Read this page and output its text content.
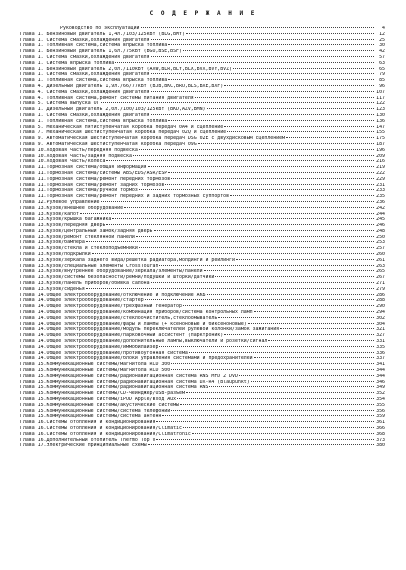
С О Д Е Р Ж А Н И Е
Руководство по эксплуатации	4
Глава 1. Бензиновый двигатель 1,4л./103/125кВт (BLG,BMY)	12
Глава 1. Система смазки,охлаждения двигателя	25
Глава 1. Топливная система,система впрыска топлива	30
Глава 1. Бензиновый двигатель 1,6л./75кВт (BGU,BSE,BSF)	42
Глава 1. Система смазки,охлаждения двигателя	57
Глава 1. Система впрыска топлива	63
Глава 1. Бензиновый двигатель 2,0л./110кВт (AXW,BLR,BLY,BLX,BVX,BVY,BVZ)	65
Глава 1. Система смазки,охлаждения двигателя	79
Глава 1. Топливная система,система впрыска топлива	85
Глава 4. Дизельный двигатель 1,9л./66/77кВт (BJB,BKC,BRU,BLS,BXE,BXF)	96
Глава 4. Система смазки,охлаждения двигателя	107
Глава 4. Топливная система,ремонт системы питания двигателя	117
Глава 5. Система выпуска ОГ	122
Глава 1. Дизельный двигатель 2,0л./100/103/125кВт (BKD,AZV,BMN)	123
Глава 1. Система смазки,охлаждения двигателя	130
Глава 1. Топливная система,система впрыска топлива	136
Глава 5. Механическая пятиступенчатая коробка передач 0А4 и сцепление	147
Глава 7. Механическая шестиступенчатая коробка передач 02Q и сцепление	155
Глава 9. Автоматическая шестиступенчатая коробка передач DSG 02E с двухдисковым сцеплением	175
Глава 9. Автоматическая шестиступенчатая коробка передач 09G	187
Глава 10.Ходовая часть/передняя подвеска	196
Глава 10.Ходовая часть/задняя подвеска	209
Глава 10.Ходовая часть/колеса	216
Глава 11.Тормозная система/общая информация	219
Глава 11.Тормозная система/системы ABS/EDS/ASR/ESP	222
Глава 11.Тормозная система/ремонт передних тормозов	229
Глава 11.Тормозная система/ремонт задних тормозов	231
Глава 11.Тормозная система/ручной тормоз	233
Глава 11.Тормозная система/ремонт передних и задних тормозных суппортов	235
Глава 12.Рулевое управление	236
Глава 13.Кузов/внешнее оборудование	242
Глава 13.Кузов/капот	244
Глава 13.Кузов/крышка багажника	245
Глава 13.Кузов/передняя дверь	246
Глава 13.Кузов/центральный замок/задняя дверь	248
Глава 13.Кузов/ремонт стеклянной панели	250
Глава 13.Кузов/бампера	253
Глава 13.Кузов/стекла и стеклоподъемники	257
Глава 13.Кузов/подкрылки	260
Глава 13.Кузов/зеркала заднего вида/решетка радиатора,молдинги и рейлинги	261
Глава 13.Кузов/специальные элементы CrossTouran	263
Глава 13.Кузов/внутреннее оборудование/зеркала/элементы/панели	265
Глава 13.Кузов/системы безопасности/ремни/подушки и шторки/датчики	267
Глава 13.Кузов/панель приборов/обивка салона	271
Глава 13.Кузов/сиденья	279
Глава 14.Общее электрооборудование/отключение и подключение АКБ	286
Глава 14.Общее электрооборудование/стартер	288
Глава 14.Общее электрооборудование/трехфазный генератор	290
Глава 14.Общее электрооборудование/комбинация приборов/система контрольных ламп	294
Глава 14.Общее электрооборудование/стеклоочиститель,стеклоомыватель	302
Глава 14.Общее электрооборудование/фары и лампы (+ ксеноновые и биксеноновые)	304
Глава 14.Общее электрооборудование/модуль переключателей рулевой колонки/замок зажигания	321
Глава 14.Общее электрооборудование/парковочный ассистент (парктроник)	327
Глава 14.Общее электрооборудование/дополнительные лампы,выключатели и розетки/сигнал	331
Глава 14.Общее электрооборудование/иммобилайзер	335
Глава 14.Общее электрооборудование/противоугонная система	336
Глава 14.Общее электрооборудование/блоки управления системами и предохранителей	337
Глава 15.Коммуникационные системы/магнитола RCD 300	341
Глава 15.Коммуникационные системы/магнитола RCD 500	344
Глава 15.Коммуникационные системы/радионавигационная система RNS MFD 2 DVD	344
Глава 15.Коммуникационные системы/радионавигационная система DX-R4 (Blaupunkt)	346
Глава 15.Коммуникационные системы/радионавигационная система RNS	349
Глава 15.Коммуникационные системы/CD-чейнджер/USB-разъем	352
Глава 15.Коммуникационные системы/iPOD Apple/вход Aux	354
Глава 15.Коммуникационные системы/акустические системы	355
Глава 15.Коммуникационные системы/система телефонии	356
Глава 15.Коммуникационные системы/система антенн	359
Глава 16.Системы отопления и кондиционирования	361
Глава 16.Системы отопления и кондиционирования/Climatic	366
Глава 16.Системы отопления и кондиционирования/Climatronic	368
Глава 16.Дополнительный отопитель Thermo Top V	373
Глава 17.Электрические принципиальные схемы	380
